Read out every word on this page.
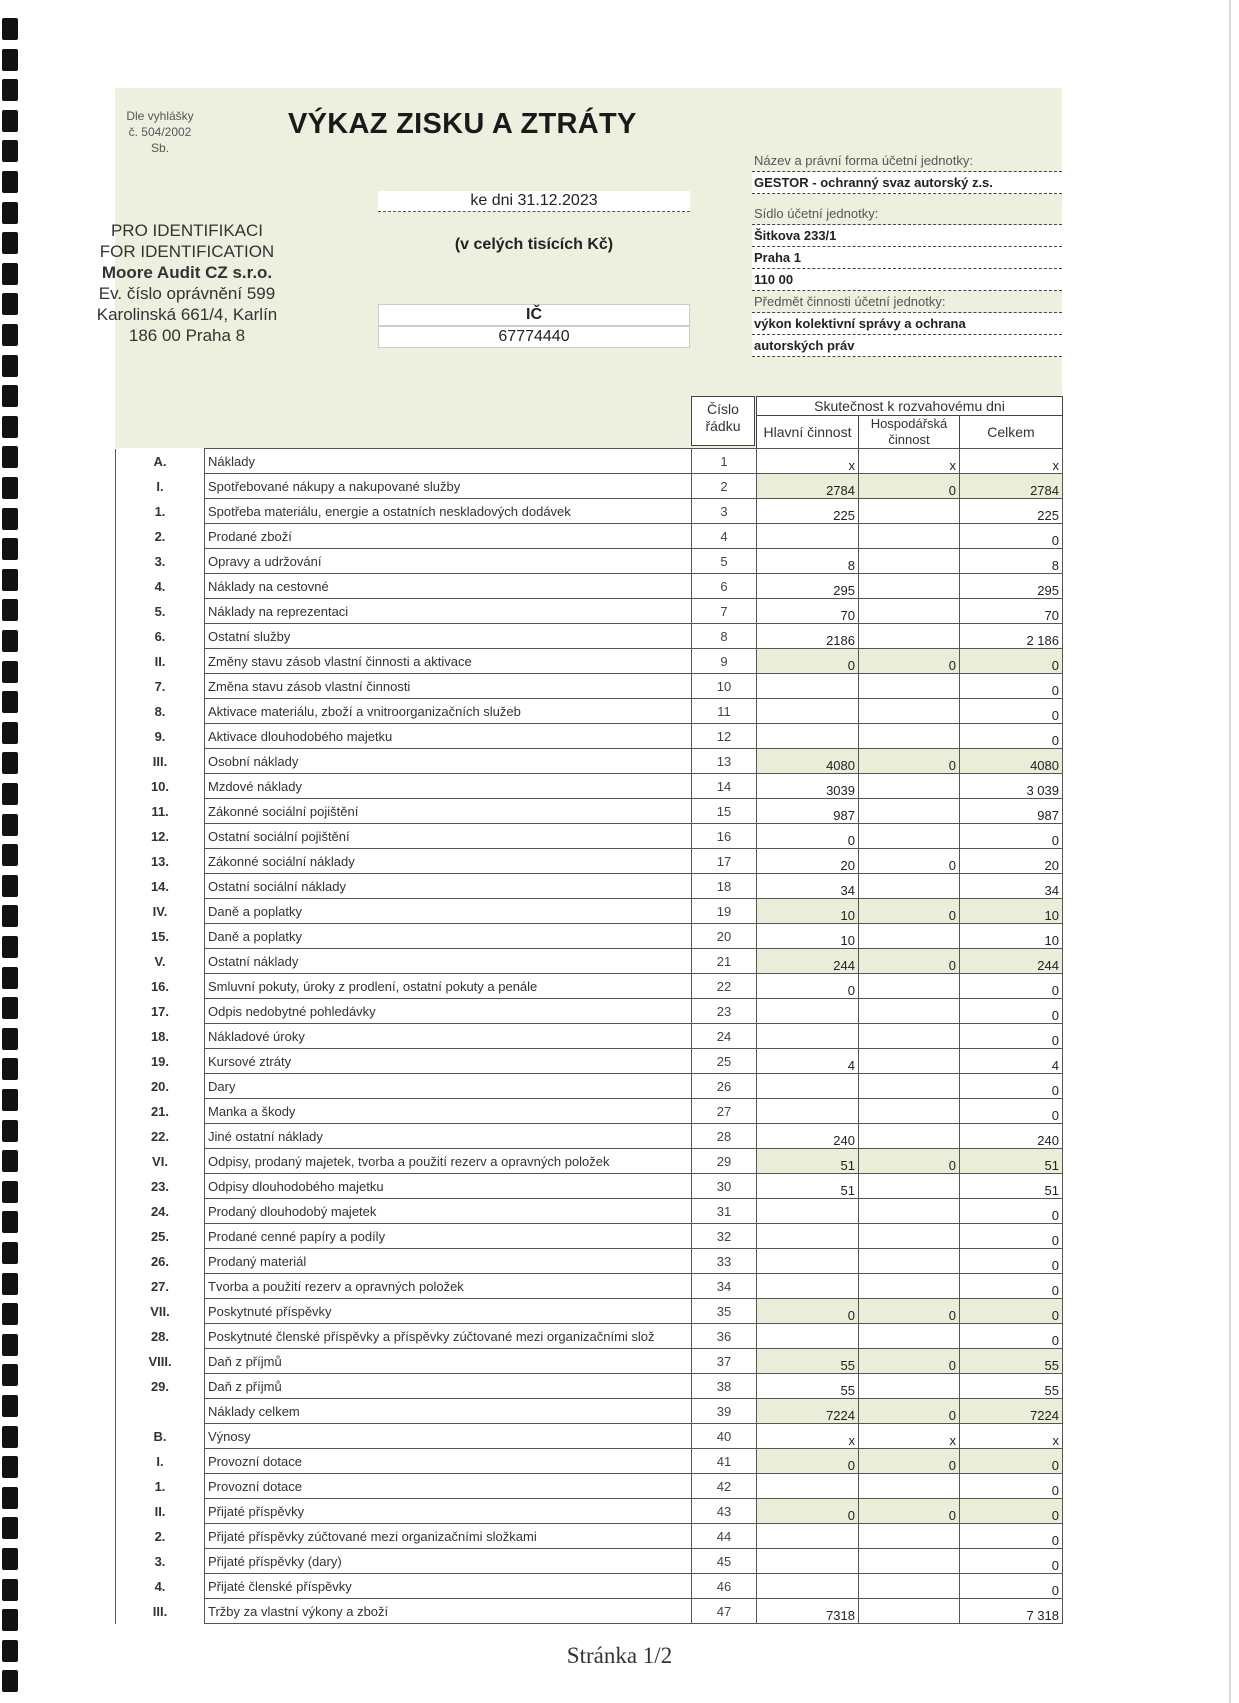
Dle vyhlášky
č. 504/2002
Sb.
VÝKAZ ZISKU A ZTRÁTY
ke dni 31.12.2023
(v celých tisících Kč)
IČ
67774440
PRO IDENTIFIKACI
FOR IDENTIFICATION
Moore Audit CZ s.r.o.
Ev. číslo oprávnění 599
Karolinská 661/4, Karlín
186 00 Praha 8
Název a právní forma účetní jednotky:
GESTOR - ochranný svaz autorský z.s.
Sídlo účetní jednotky:
Šitkova 233/1
Praha 1
110 00
Předmět činnosti účetní jednotky:
výkon kolektivní správy a ochrana
autorských práv
Číslo řádku
Skutečnost k rozvahovému dni
Hlavní činnost
Hospodářská činnost	Celkem
A.	Náklady	1	x	x	x
I.	Spotřebované nákupy a nakupované služby	2	2784	0	2784
1.	Spotřeba materiálu, energie a ostatních neskladových dodávek	3	225		225
2.	Prodané zboží	4			0
3.	Opravy a udržování	5	8		8
4.	Náklady na cestovné	6	295		295
5.	Náklady na reprezentaci	7	70		70
6.	Ostatní služby	8	2186		2 186
II.	Změny stavu zásob vlastní činnosti a aktivace	9	0	0	0
7.	Změna stavu zásob vlastní činnosti	10			0
8.	Aktivace materiálu, zboží a vnitroorganizačních služeb	11			0
9.	Aktivace dlouhodobého majetku	12			0
III.	Osobní náklady	13	4080	0	4080
10.	Mzdové náklady	14	3039		3 039
11.	Zákonné sociální pojištění	15	987		987
12.	Ostatní sociální pojištění	16	0		0
13.	Zákonné sociální náklady	17	20	0	20
14.	Ostatní sociální náklady	18	34		34
IV.	Daně a poplatky	19	10	0	10
15.	Daně a poplatky	20	10		10
V.	Ostatní náklady	21	244	0	244
16.	Smluvní pokuty, úroky z prodlení, ostatní pokuty a penále	22	0		0
17.	Odpis nedobytné pohledávky	23			0
18.	Nákladové úroky	24			0
19.	Kursové ztráty	25	4		4
20.	Dary	26			0
21.	Manka a škody	27			0
22.	Jiné ostatní náklady	28	240		240
VI.	Odpisy, prodaný majetek, tvorba a použití rezerv a opravných položek	29	51	0	51
23.	Odpisy dlouhodobého majetku	30	51		51
24.	Prodaný dlouhodobý majetek	31			0
25.	Prodané cenné papíry a podíly	32			0
26.	Prodaný materiál	33			0
27.	Tvorba a použití rezerv a opravných položek	34			0
VII.	Poskytnuté příspěvky	35	0	0	0
28.	Poskytnuté členské příspěvky a příspěvky zúčtované mezi organizačními slož	36			0
VIII.	Daň z příjmů	37	55	0	55
29.	Daň z příjmů	38	55		55
	Náklady celkem	39	7224	0	7224
B.	Výnosy	40	x	x	x
I.	Provozní dotace	41	0	0	0
1.	Provozní dotace	42			0
II.	Přijaté příspěvky	43	0	0	0
2.	Přijaté příspěvky zúčtované mezi organizačními složkami	44			0
3.	Přijaté příspěvky (dary)	45			0
4.	Přijaté členské příspěvky	46			0
III.	Tržby za vlastní výkony a zboží	47	7318		7 318
Stránka 1/2
